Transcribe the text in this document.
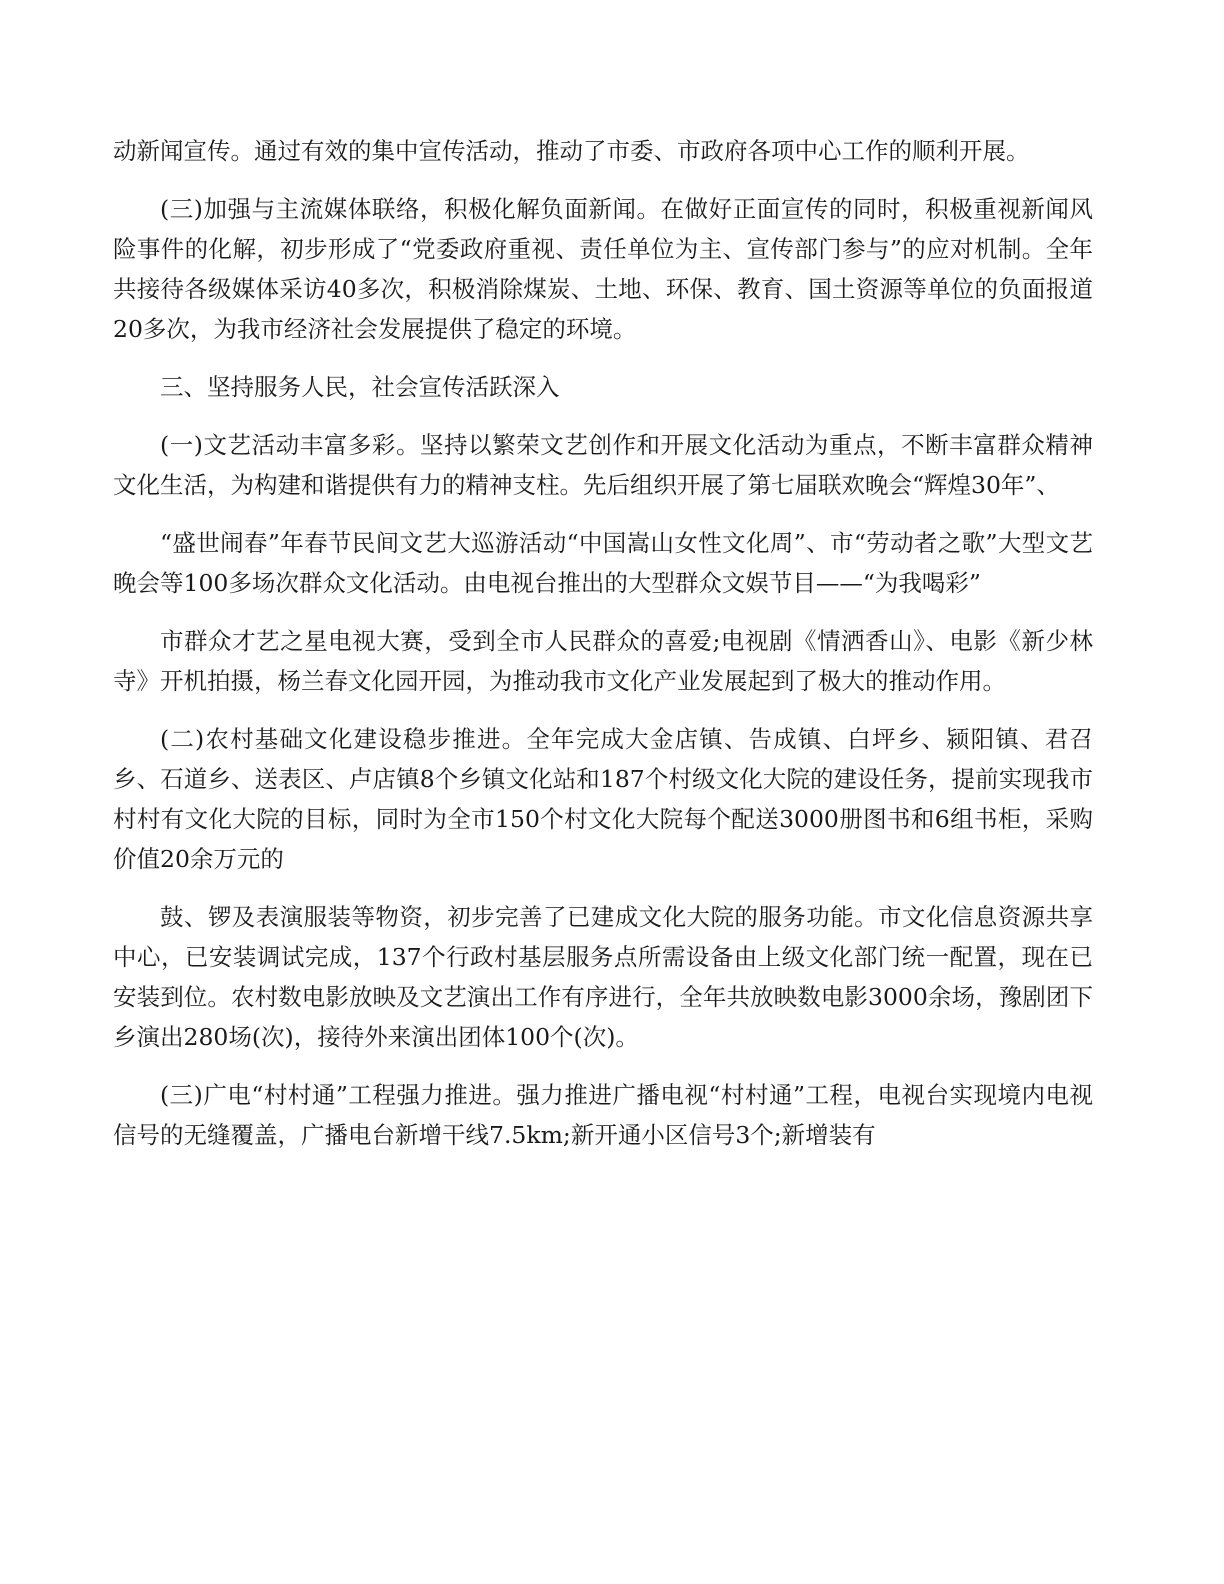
动新闻宣传。通过有效的集中宣传活动，推动了市委、市政府各项中心工作的顺利开展。

(三)加强与主流媒体联络，积极化解负面新闻。在做好正面宣传的同时，积极重视新闻风险事件的化解，初步形成了“党委政府重视、责任单位为主、宣传部门参与”的应对机制。全年共接待各级媒体采访40多次，积极消除煤炭、土地、环保、教育、国土资源等单位的负面报道20多次，为我市经济社会发展提供了稳定的环境。

三、坚持服务人民，社会宣传活跃深入

(一)文艺活动丰富多彩。坚持以繁荣文艺创作和开展文化活动为重点，不断丰富群众精神文化生活，为构建和谐提供有力的精神支柱。先后组织开展了第七届联欢晚会“辉煌30年”、

“盛世闹春”年春节民间文艺大巡游活动“中国嵩山女性文化周”、市“劳动者之歌”大型文艺晚会等100多场次群众文化活动。由电视台推出的大型群众文娱节目——“为我喝彩”

市群众才艺之星电视大赛，受到全市人民群众的喜爱;电视剧《情洒香山》、电影《新少林寺》开机拍摄，杨兰春文化园开园，为推动我市文化产业发展起到了极大的推动作用。

(二)农村基础文化建设稳步推进。全年完成大金店镇、告成镇、白坪乡、颍阳镇、君召乡、石道乡、送表区、卢店镇8个乡镇文化站和187个村级文化大院的建设任务，提前实现我市村村有文化大院的目标，同时为全市150个村文化大院每个配送3000册图书和6组书柜，采购价值20余万元的

鼓、锣及表演服装等物资，初步完善了已建成文化大院的服务功能。市文化信息资源共享中心，已安装调试完成，137个行政村基层服务点所需设备由上级文化部门统一配置，现在已安装到位。农村数电影放映及文艺演出工作有序进行，全年共放映数电影3000余场，豫剧团下乡演出280场(次)，接待外来演出团体100个(次)。

(三)广电“村村通”工程强力推进。强力推进广播电视“村村通”工程，电视台实现境内电视信号的无缝覆盖，广播电台新增干线7.5km;新开通小区信号3个;新增装有
